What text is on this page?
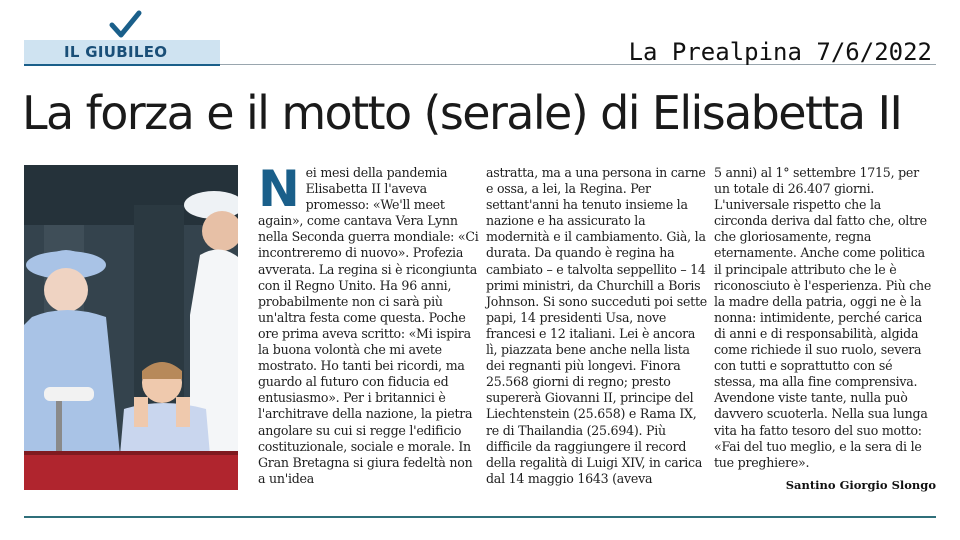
IL GIUBILEO	La Prealpina 7/6/2022
La forza e il motto (serale) di Elisabetta II
Nei mesi della pandemia Elisabetta II l'aveva promesso: «We'll meet again», come cantava Vera Lynn nella Seconda guerra mondiale: «Ci incontreremo di nuovo». Profezia avverata. La regina si è ricongiunta con il Regno Unito. Ha 96 anni, probabilmente non ci sarà più un'altra festa come questa. Poche ore prima aveva scritto: «Mi ispira la buona volontà che mi avete mostrato. Ho tanti bei ricordi, ma guardo al futuro con fiducia ed entusiasmo». Per i britannici è l'architrave della nazione, la pietra angolare su cui si regge l'edificio costituzionale, sociale e morale. In Gran Bretagna si giura fedeltà non a un'idea

astratta, ma a una persona in carne e ossa, a lei, la Regina. Per settant'anni ha tenuto insieme la nazione e ha assicurato la modernità e il cambiamento. Già, la durata. Da quando è regina ha cambiato – e talvolta seppellito – 14 primi ministri, da Churchill a Boris Johnson. Si sono succeduti poi sette papi, 14 presidenti Usa, nove francesi e 12 italiani. Lei è ancora lì, piazzata bene anche nella lista dei regnanti più longevi. Finora 25.568 giorni di regno; presto supererà Giovanni II, principe del Liechtenstein (25.658) e Rama IX, re di Thailandia (25.694). Più difficile da raggiungere il record della regalità di Luigi XIV, in carica dal 14 maggio 1643 (aveva

5 anni) al 1° settembre 1715, per un totale di 26.407 giorni. L'universale rispetto che la circonda deriva dal fatto che, oltre che gloriosamente, regna eternamente. Anche come politica il principale attributo che le è riconosciuto è l'esperienza. Più che la madre della patria, oggi ne è la nonna: intimidente, perché carica di anni e di responsabilità, algida come richiede il suo ruolo, severa con tutti e soprattutto con sé stessa, ma alla fine comprensiva. Avendone viste tante, nulla può davvero scuoterla. Nella sua lunga vita ha fatto tesoro del suo motto: «Fai del tuo meglio, e la sera di le tue preghiere».

Santino Giorgio Slongo
